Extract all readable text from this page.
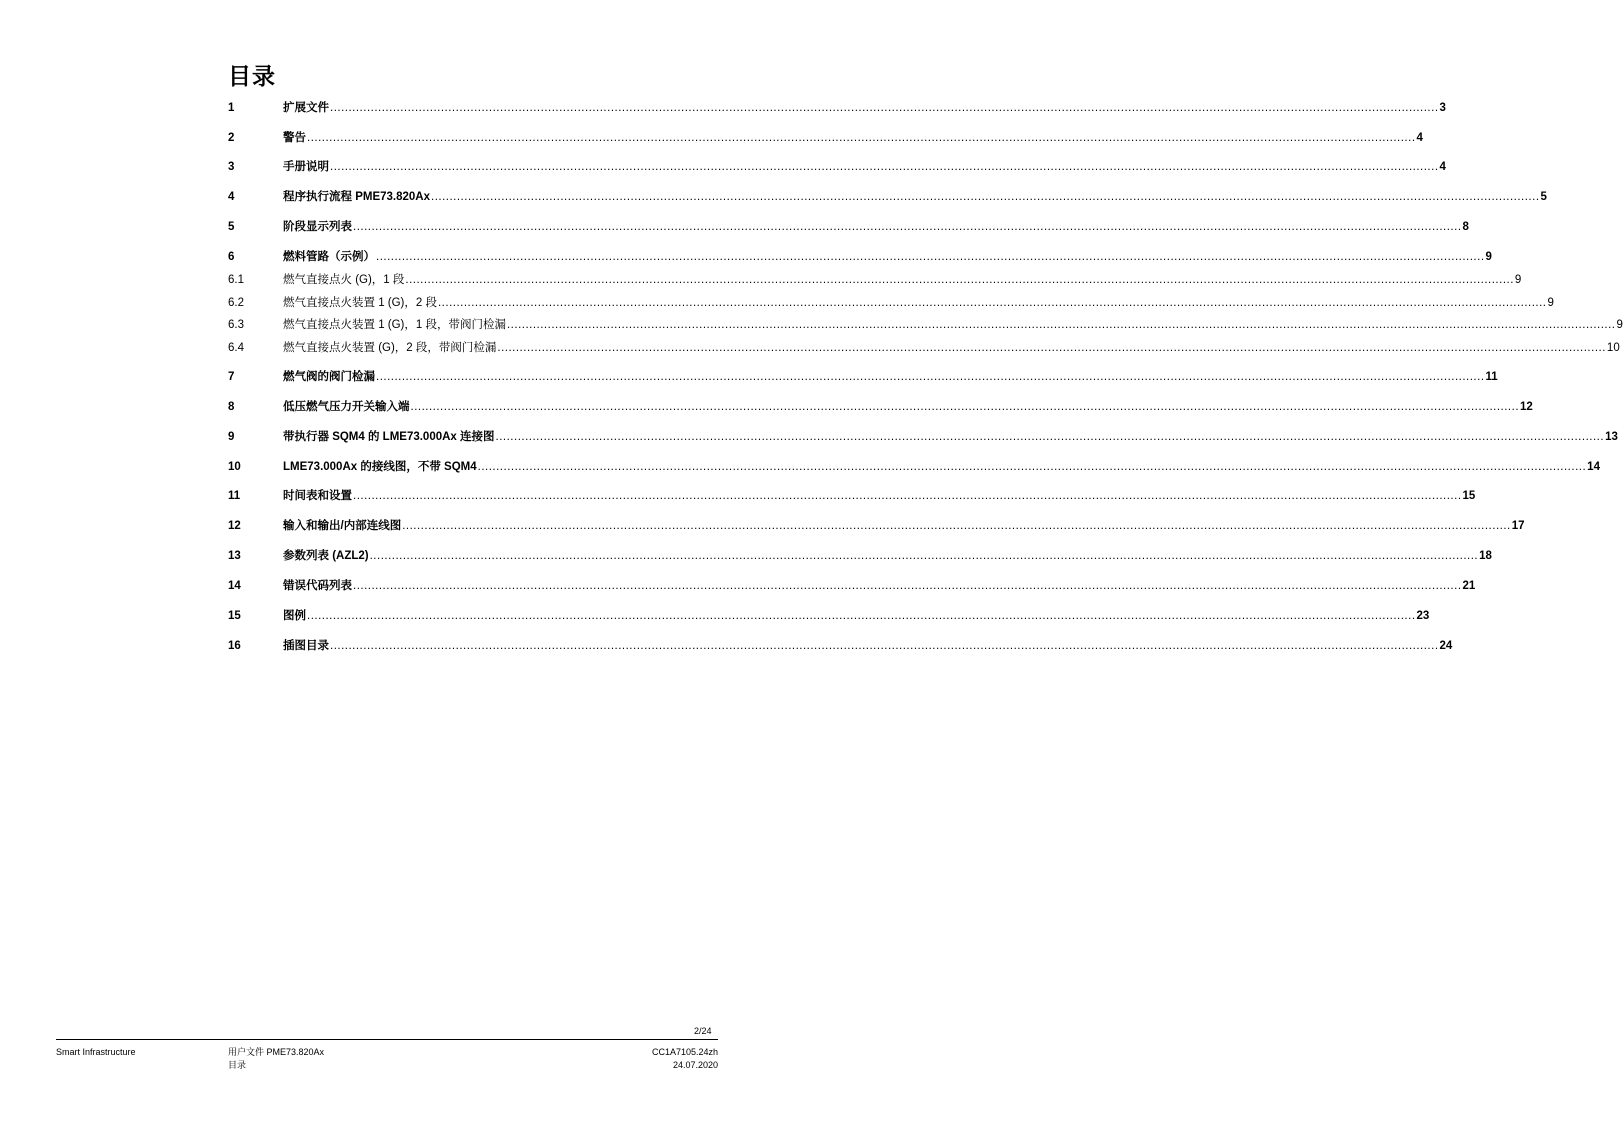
目录
1	扩展文件 ............................................................................................................................................................................................................................................................................................................ 3
2	警告 ............................................................................................................................................................................................................................................................................................................ 4
3	手册说明 ............................................................................................................................................................................................................................................................................................................ 4
4	程序执行流程 PME73.820Ax ............................................................................................................................................................................................................................................................................................................ 5
5	阶段显示列表 ............................................................................................................................................................................................................................................................................................................ 8
6	燃料管路（示例） ............................................................................................................................................................................................................................................................................................................ 9
6.1	燃气直接点火 (G)，1 段 ............................................................................................................................................................................................................................................................................................................ 9
6.2	燃气直接点火装置 1 (G)，2 段 ............................................................................................................................................................................................................................................................................................................ 9
6.3	燃气直接点火装置 1 (G)，1 段，带阀门检漏 ............................................................................................................................................................................................................................................................................................................ 9
6.4	燃气直接点火装置 (G)，2 段，带阀门检漏 ............................................................................................................................................................................................................................................................................................................ 10
7	燃气阀的阀门检漏 ............................................................................................................................................................................................................................................................................................................ 11
8	低压燃气压力开关输入端 ............................................................................................................................................................................................................................................................................................................ 12
9	带执行器 SQM4 的 LME73.000Ax 连接图 ............................................................................................................................................................................................................................................................................................................ 13
10	LME73.000Ax 的接线图，不带 SQM4 ............................................................................................................................................................................................................................................................................................................ 14
11	时间表和设置 ............................................................................................................................................................................................................................................................................................................ 15
12	输入和输出/内部连线图 ............................................................................................................................................................................................................................................................................................................ 17
13	参数列表 (AZL2) ............................................................................................................................................................................................................................................................................................................ 18
14	错误代码列表 ............................................................................................................................................................................................................................................................................................................ 21
15	图例 ............................................................................................................................................................................................................................................................................................................ 23
16	插图目录 ............................................................................................................................................................................................................................................................................................................ 24
2/24
Smart Infrastructure	用户文件 PME73.820Ax
目录
CC1A7105.24zh
24.07.2020
